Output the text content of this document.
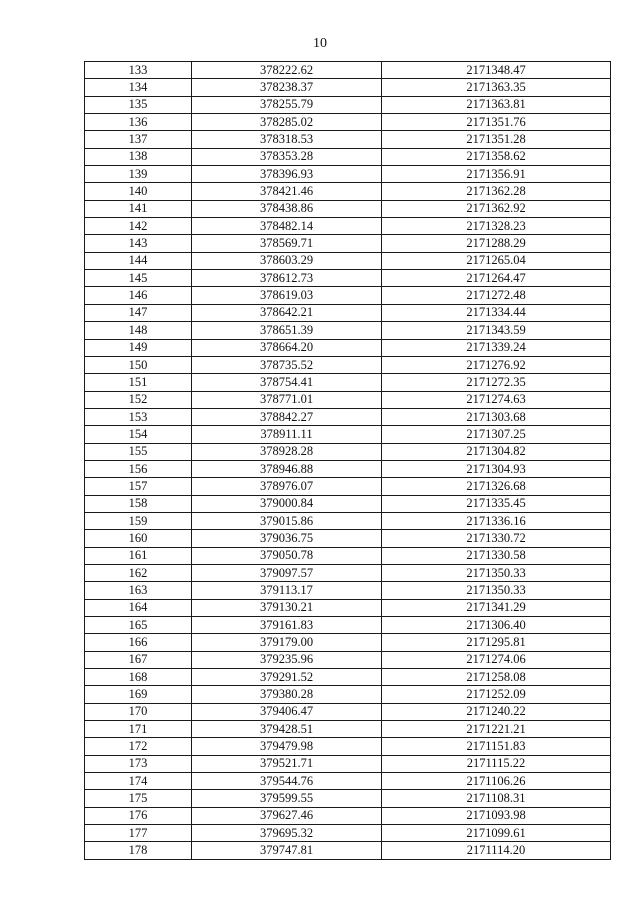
10
133	378222.62	2171348.47
134	378238.37	2171363.35
135	378255.79	2171363.81
136	378285.02	2171351.76
137	378318.53	2171351.28
138	378353.28	2171358.62
139	378396.93	2171356.91
140	378421.46	2171362.28
141	378438.86	2171362.92
142	378482.14	2171328.23
143	378569.71	2171288.29
144	378603.29	2171265.04
145	378612.73	2171264.47
146	378619.03	2171272.48
147	378642.21	2171334.44
148	378651.39	2171343.59
149	378664.20	2171339.24
150	378735.52	2171276.92
151	378754.41	2171272.35
152	378771.01	2171274.63
153	378842.27	2171303.68
154	378911.11	2171307.25
155	378928.28	2171304.82
156	378946.88	2171304.93
157	378976.07	2171326.68
158	379000.84	2171335.45
159	379015.86	2171336.16
160	379036.75	2171330.72
161	379050.78	2171330.58
162	379097.57	2171350.33
163	379113.17	2171350.33
164	379130.21	2171341.29
165	379161.83	2171306.40
166	379179.00	2171295.81
167	379235.96	2171274.06
168	379291.52	2171258.08
169	379380.28	2171252.09
170	379406.47	2171240.22
171	379428.51	2171221.21
172	379479.98	2171151.83
173	379521.71	2171115.22
174	379544.76	2171106.26
175	379599.55	2171108.31
176	379627.46	2171093.98
177	379695.32	2171099.61
178	379747.81	2171114.20
